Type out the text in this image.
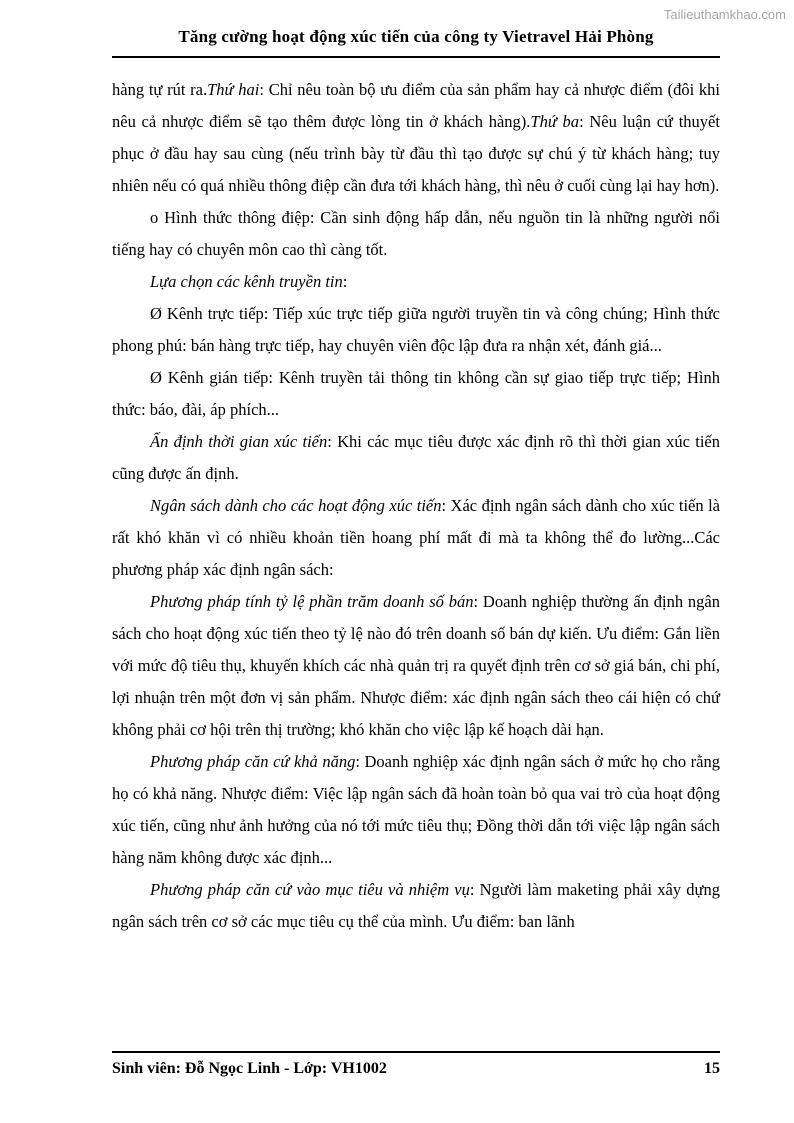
Tailieuthamkhao.com
Tăng cường hoạt động xúc tiến của công ty Vietravel Hải Phòng

hàng tự rút ra.Thứ hai: Chỉ nêu toàn bộ ưu điểm của sản phẩm hay cả nhược điểm (đôi khi nêu cả nhược điểm sẽ tạo thêm được lòng tin ở khách hàng).Thứ ba: Nêu luận cứ thuyết phục ở đầu hay sau cùng (nếu trình bày từ đầu thì tạo được sự chú ý từ khách hàng; tuy nhiên nếu có quá nhiều thông điệp cần đưa tới khách hàng, thì nêu ở cuối cùng lại hay hơn).

o Hình thức thông điệp: Cần sinh động hấp dẫn, nếu nguồn tin là những người nổi tiếng hay có chuyên môn cao thì càng tốt.

Lựa chọn các kênh truyền tin:

Ø Kênh trực tiếp: Tiếp xúc trực tiếp giữa người truyền tin và công chúng; Hình thức phong phú: bán hàng trực tiếp, hay chuyên viên độc lập đưa ra nhận xét, đánh giá...

Ø Kênh gián tiếp: Kênh truyền tải thông tin không cần sự giao tiếp trực tiếp; Hình thức: báo, đài, áp phích...

Ấn định thời gian xúc tiến: Khi các mục tiêu được xác định rõ thì thời gian xúc tiến cũng được ấn định.

Ngân sách dành cho các hoạt động xúc tiến: Xác định ngân sách dành cho xúc tiến là rất khó khăn vì có nhiều khoản tiền hoang phí mất đi mà ta không thể đo lường...Các phương pháp xác định ngân sách:

Phương pháp tính tỷ lệ phần trăm doanh số bán: Doanh nghiệp thường ấn định ngân sách cho hoạt động xúc tiến theo tỷ lệ nào đó trên doanh số bán dự kiến. Ưu điểm: Gắn liền với mức độ tiêu thụ, khuyến khích các nhà quản trị ra quyết định trên cơ sở giá bán, chi phí, lợi nhuận trên một đơn vị sản phẩm. Nhược điểm: xác định ngân sách theo cái hiện có chứ không phải cơ hội trên thị trường; khó khăn cho việc lập kế hoạch dài hạn.

Phương pháp căn cứ khả năng: Doanh nghiệp xác định ngân sách ở mức họ cho rằng họ có khả năng. Nhược điểm: Việc lập ngân sách đã hoàn toàn bỏ qua vai trò của hoạt động xúc tiến, cũng như ảnh hưởng của nó tới mức tiêu thụ; Đồng thời dẫn tới việc lập ngân sách hàng năm không được xác định...

Phương pháp căn cứ vào mục tiêu và nhiệm vụ: Người làm maketing phải xây dựng ngân sách trên cơ sở các mục tiêu cụ thể của mình. Ưu điểm: ban lãnh

Sinh viên: Đỗ Ngọc Linh - Lớp: VH1002	15
